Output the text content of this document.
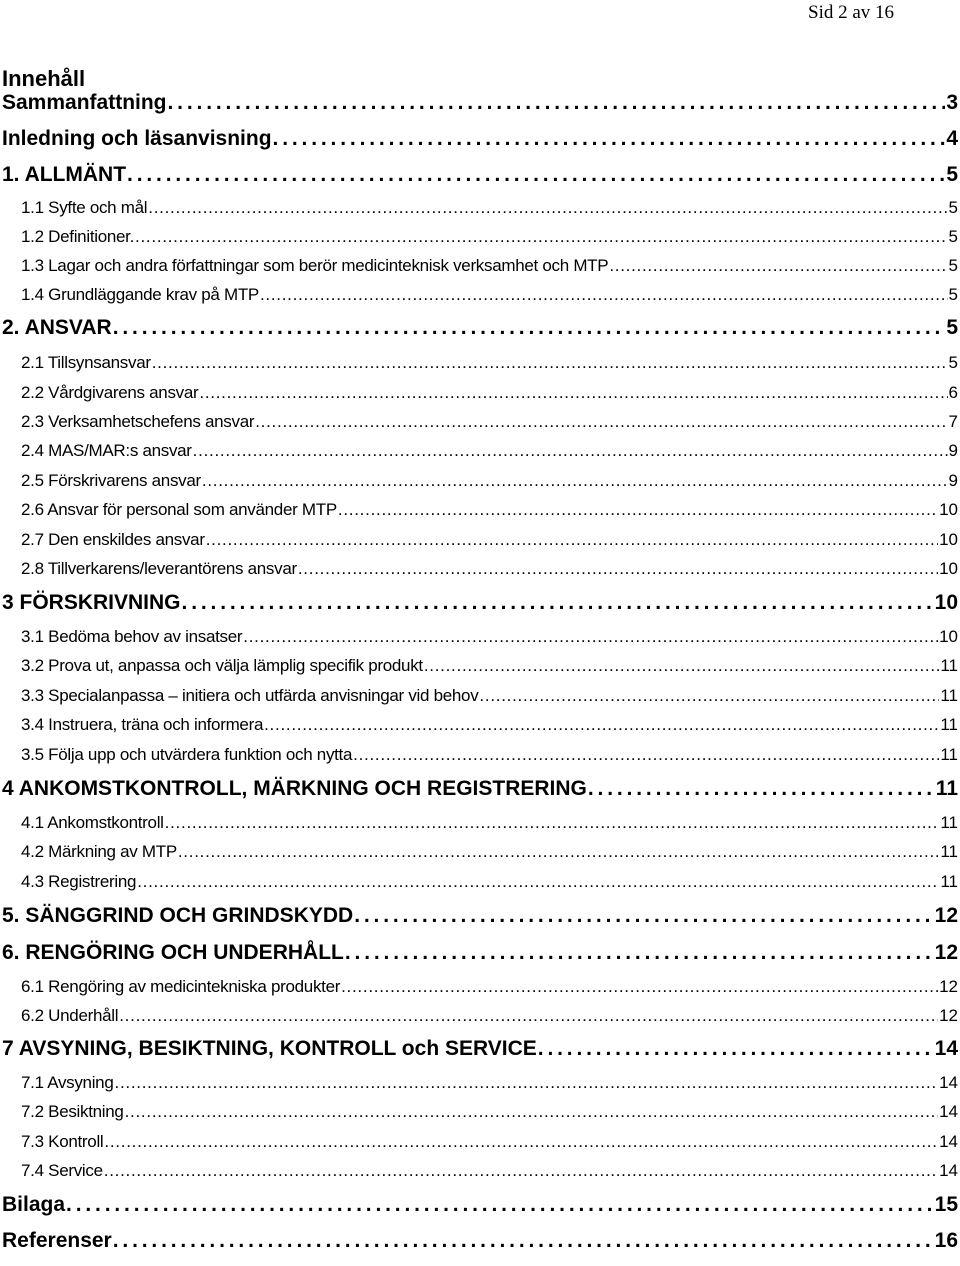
Sid 2 av 16
Innehåll
Sammanfattning . . .	3
Inledning och läsanvisning . . .	4
1. ALLMÄNT . . .	5
1.1 Syfte och mål . . .	5
1.2 Definitioner. . . .	5
1.3 Lagar och andra författningar som berör medicinteknisk verksamhet och MTP . . .	5
1.4 Grundläggande krav på MTP . . .	5
2. ANSVAR . . .	5
2.1 Tillsynsansvar . . .	5
2.2 Vårdgivarens ansvar . . .	6
2.3 Verksamhetschefens ansvar . . .	7
2.4 MAS/MAR:s ansvar . . .	9
2.5 Förskrivarens ansvar . . .	9
2.6 Ansvar för personal som använder MTP . . .	10
2.7 Den enskildes ansvar . . .	10
2.8 Tillverkarens/leverantörens ansvar . . .	10
3 FÖRSKRIVNING . . .	10
3.1 Bedöma behov av insatser . . .	10
3.2 Prova ut, anpassa och välja lämplig specifik produkt . . .	11
3.3 Specialanpassa – initiera och utfärda anvisningar vid behov . . .	11
3.4 Instruera, träna och informera . . .	11
3.5 Följa upp och utvärdera funktion och nytta . . .	11
4 ANKOMSTKONTROLL, MÄRKNING OCH REGISTRERING . . .	11
4.1 Ankomstkontroll . . .	11
4.2 Märkning av MTP . . .	11
4.3 Registrering . . .	11
5. SÄNGGRIND OCH GRINDSKYDD . . .	12
6. RENGÖRING OCH UNDERHÅLL . . .	12
6.1 Rengöring av medicintekniska produkter . . .	12
6.2 Underhåll . . .	12
7 AVSYNING, BESIKTNING, KONTROLL och SERVICE . . .	14
7.1 Avsyning . . .	14
7.2 Besiktning . . .	14
7.3 Kontroll . . .	14
7.4 Service . . .	14
Bilaga . . .	15
Referenser . . .	16
